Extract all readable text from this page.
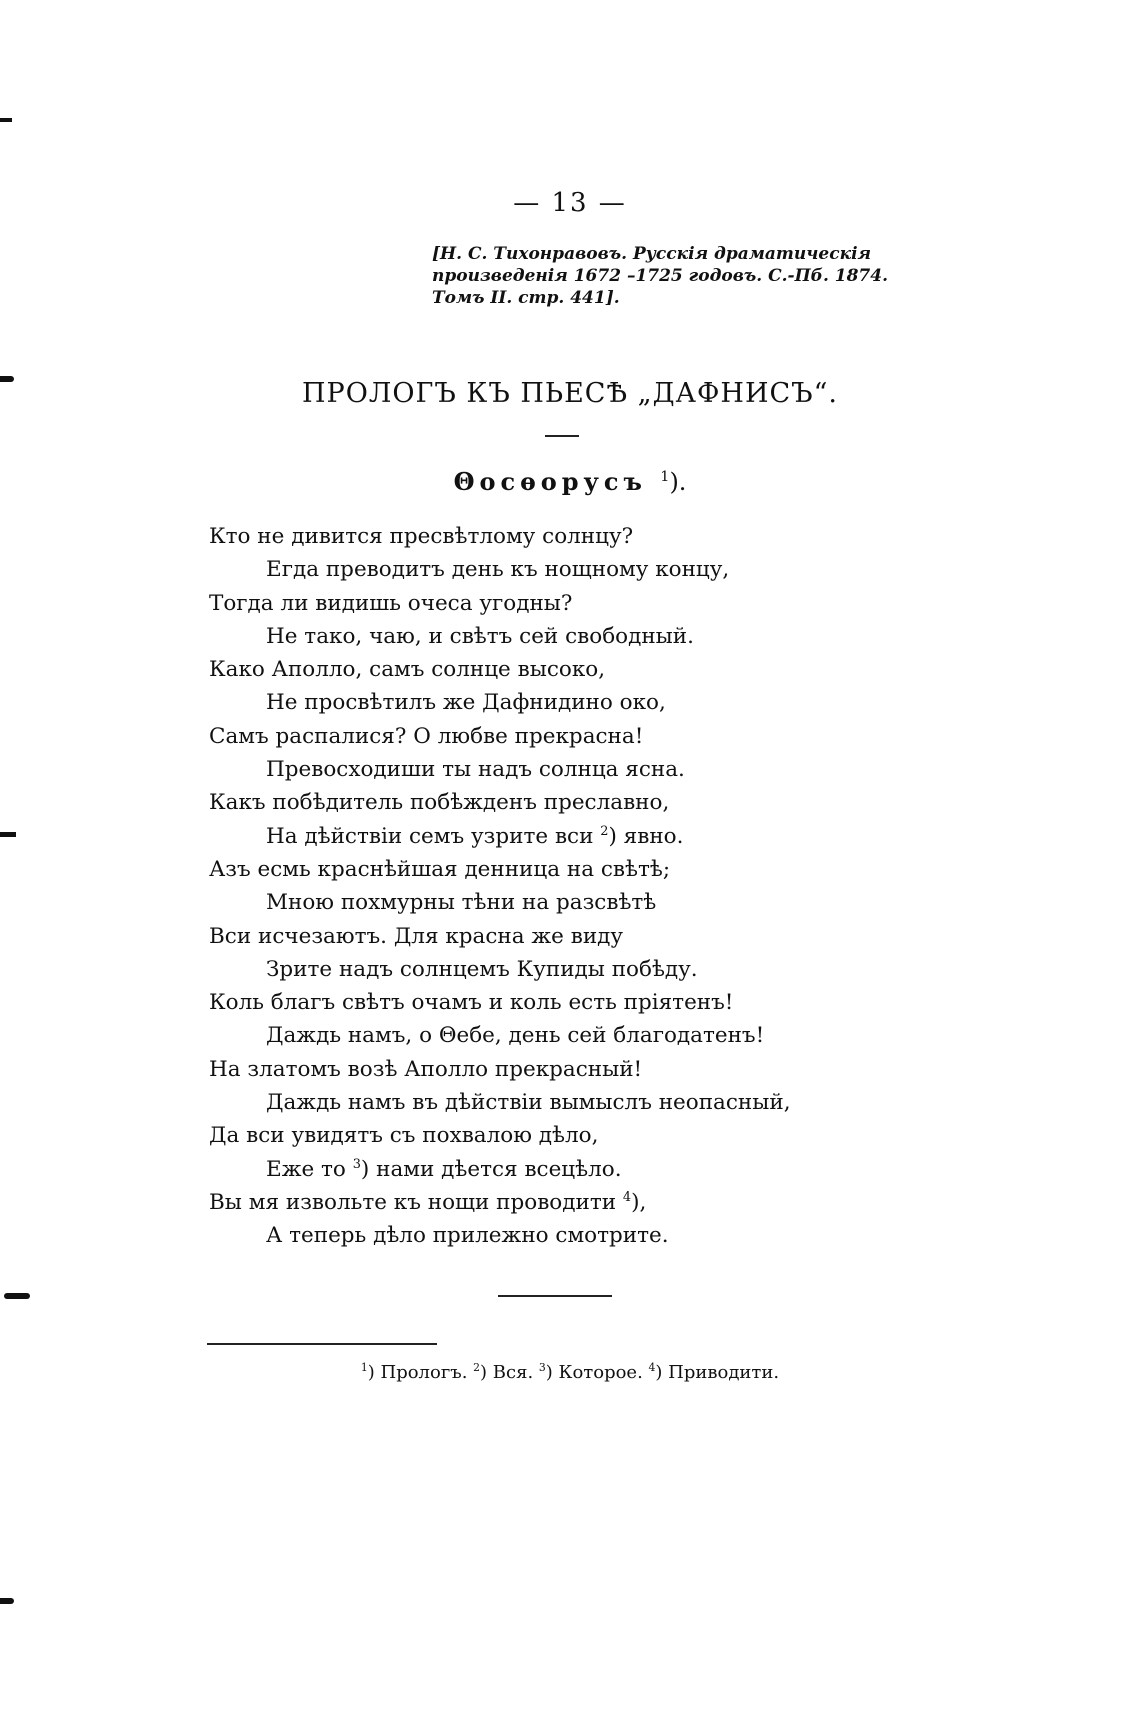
— 13 —
[Н. С. Тихонравовъ. Русскія драматическія произведенія 1672 –1725 годовъ. С.-Пб. 1874. Томъ II. стр. 441].
ПРОЛОГЪ КЪ ПЬЕСѢ „ДАФНИСЪ“.
Θосѳорусъ $^1$).
Кто не дивится пресвѣтлому солнцу?
Егда преводитъ день къ нощному концу,
Тогда ли видишь очеса угодны?
Не тако, чаю, и свѣтъ сей свободный.
Како Аполло, самъ солнце высоко,
Не просвѣтилъ же Дафнидино око,
Самъ распалися? О любве прекрасна!
Превосходиши ты надъ солнца ясна.
Какъ побѣдитель побѣжденъ преславно,
На дѣйствіи семъ узрите вси $^2$) явно.
Азъ есмь краснѣйшая денница на свѣтѣ;
Мною похмурны тѣни на разсвѣтѣ
Вси исчезаютъ. Для красна же виду
Зрите надъ солнцемъ Купиды побѣду.
Коль благъ свѣтъ очамъ и коль есть пріятенъ!
Даждь намъ, о Θебе, день сей благодатенъ!
На златомъ возѣ Аполло прекрасный!
Даждь намъ въ дѣйствіи вымыслъ неопасный,
Да вси увидятъ съ похвалою дѣло,
Еже то $^3$) нами дѣется всецѣло.
Вы мя извольте къ нощи проводити $^4$),
А теперь дѣло прилежно смотрите.
$^1$) Прологъ. $^2$) Вся. $^3$) Которое. $^4$) Приводити.
